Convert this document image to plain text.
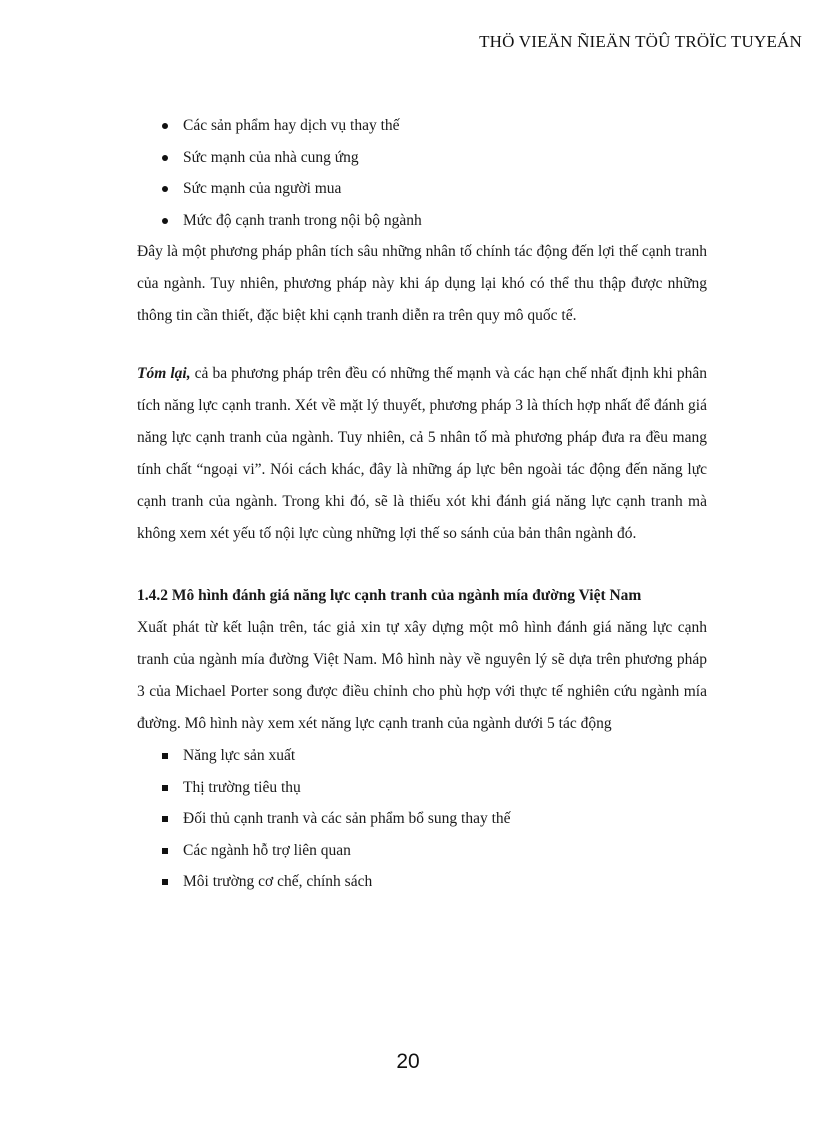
THÖ VIEÄN ÑIEÄN TÖÛ TRÖÏC TUYEÁN
Các sản phẩm hay dịch vụ thay thế
Sức mạnh của nhà cung ứng
Sức mạnh của người mua
Mức độ cạnh tranh trong nội bộ ngành

Đây là một phương pháp phân tích sâu những nhân tố chính tác động đến lợi thế cạnh tranh của ngành. Tuy nhiên, phương pháp này khi áp dụng lại khó có thể thu thập được những thông tin cần thiết, đặc biệt khi cạnh tranh diễn ra trên quy mô quốc tế.

Tóm lại, cả ba phương pháp trên đều có những thế mạnh và các hạn chế nhất định khi phân tích năng lực cạnh tranh. Xét về mặt lý thuyết, phương pháp 3 là thích hợp nhất để đánh giá năng lực cạnh tranh của ngành. Tuy nhiên, cả 5 nhân tố mà phương pháp đưa ra đều mang tính chất “ngoại vi”. Nói cách khác, đây là những áp lực bên ngoài tác động đến năng lực cạnh tranh của ngành. Trong khi đó, sẽ là thiếu xót khi đánh giá năng lực cạnh tranh mà không xem xét yếu tố nội lực cùng những lợi thế so sánh của bản thân ngành đó.

1.4.2 Mô hình đánh giá năng lực cạnh tranh của ngành mía đường Việt Nam

Xuất phát từ kết luận trên, tác giả xin tự xây dựng một mô hình đánh giá năng lực cạnh tranh của ngành mía đường Việt Nam. Mô hình này về nguyên lý sẽ dựa trên phương pháp 3 của Michael Porter song được điều chỉnh cho phù hợp với thực tế nghiên cứu ngành mía đường. Mô hình này xem xét năng lực cạnh tranh của ngành dưới 5 tác động

Năng lực sản xuất
Thị trường tiêu thụ
Đối thủ cạnh tranh và các sản phẩm bổ sung thay thế
Các ngành hỗ trợ liên quan
Môi trường cơ chế, chính sách
20
